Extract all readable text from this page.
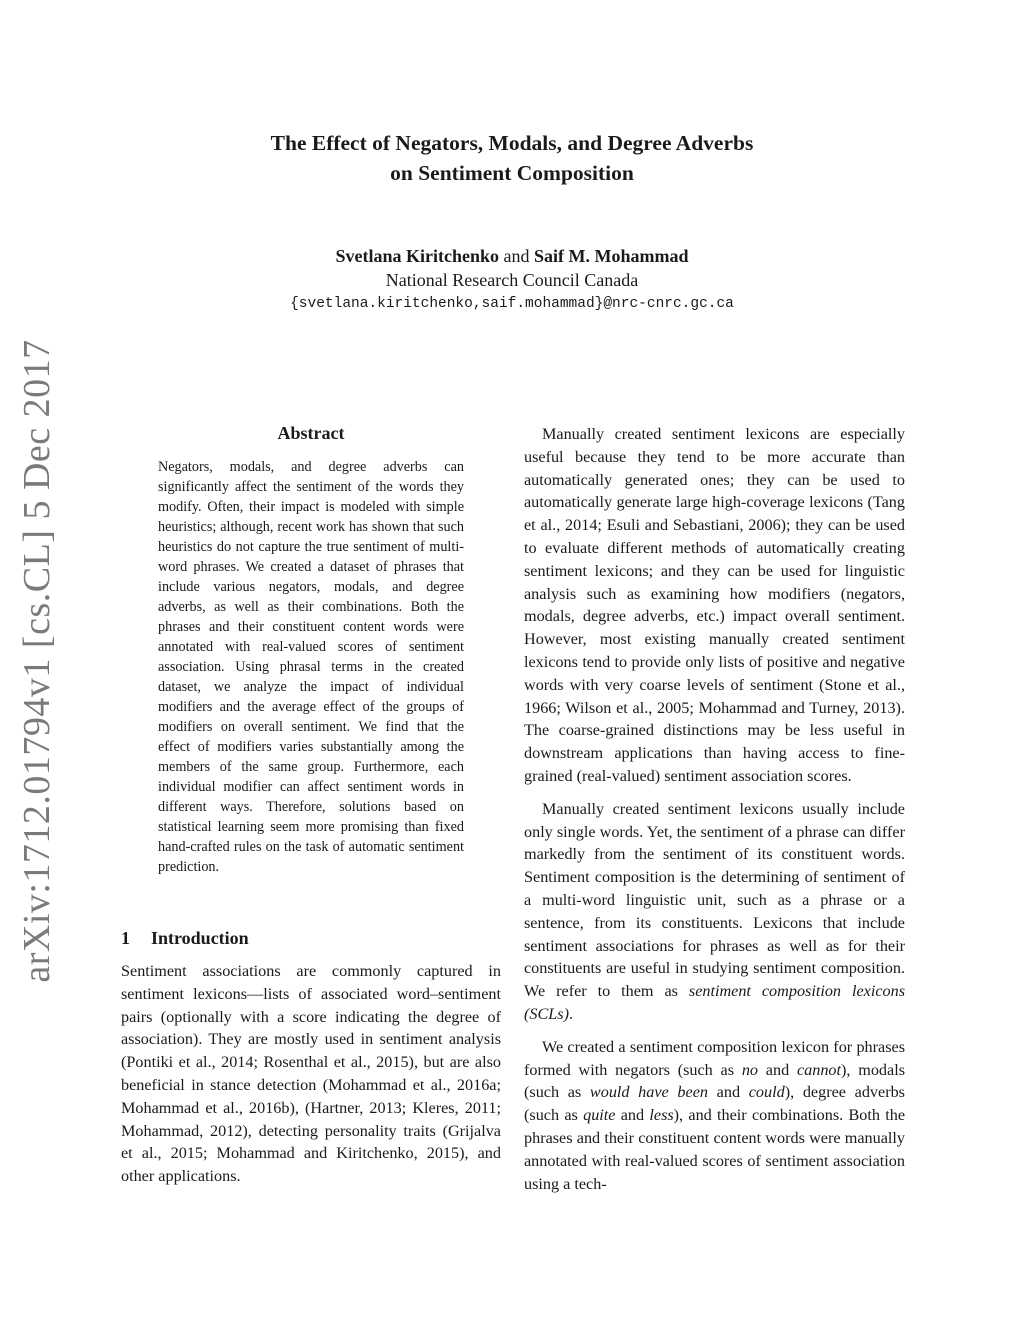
arXiv:1712.01794v1 [cs.CL] 5 Dec 2017
The Effect of Negators, Modals, and Degree Adverbs
on Sentiment Composition
Svetlana Kiritchenko and Saif M. Mohammad
National Research Council Canada
{svetlana.kiritchenko,saif.mohammad}@nrc-cnrc.gc.ca
Abstract
Negators, modals, and degree adverbs can significantly affect the sentiment of the words they modify. Often, their impact is modeled with simple heuristics; although, recent work has shown that such heuristics do not capture the true sentiment of multi-word phrases. We created a dataset of phrases that include various negators, modals, and degree adverbs, as well as their combinations. Both the phrases and their constituent content words were annotated with real-valued scores of sentiment association. Using phrasal terms in the created dataset, we analyze the impact of individual modifiers and the average effect of the groups of modifiers on overall sentiment. We find that the effect of modifiers varies substantially among the members of the same group. Furthermore, each individual modifier can affect sentiment words in different ways. Therefore, solutions based on statistical learning seem more promising than fixed hand-crafted rules on the task of automatic sentiment prediction.
1 Introduction

Sentiment associations are commonly captured in sentiment lexicons—lists of associated word–sentiment pairs (optionally with a score indicating the degree of association). They are mostly used in sentiment analysis (Pontiki et al., 2014; Rosenthal et al., 2015), but are also beneficial in stance detection (Mohammad et al., 2016a; Mohammad et al., 2016b), (Hartner, 2013; Kleres, 2011; Mohammad, 2012), detecting personality traits (Grijalva et al., 2015; Mohammad and Kiritchenko, 2015), and other applications.

Manually created sentiment lexicons are especially useful because they tend to be more accurate than automatically generated ones; they can be used to automatically generate large high-coverage lexicons (Tang et al., 2014; Esuli and Sebastiani, 2006); they can be used to evaluate different methods of automatically creating sentiment lexicons; and they can be used for linguistic analysis such as examining how modifiers (negators, modals, degree adverbs, etc.) impact overall sentiment. However, most existing manually created sentiment lexicons tend to provide only lists of positive and negative words with very coarse levels of sentiment (Stone et al., 1966; Wilson et al., 2005; Mohammad and Turney, 2013). The coarse-grained distinctions may be less useful in downstream applications than having access to fine-grained (real-valued) sentiment association scores.

Manually created sentiment lexicons usually include only single words. Yet, the sentiment of a phrase can differ markedly from the sentiment of its constituent words. Sentiment composition is the determining of sentiment of a multi-word linguistic unit, such as a phrase or a sentence, from its constituents. Lexicons that include sentiment associations for phrases as well as for their constituents are useful in studying sentiment composition. We refer to them as sentiment composition lexicons (SCLs).

We created a sentiment composition lexicon for phrases formed with negators (such as no and cannot), modals (such as would have been and could), degree adverbs (such as quite and less), and their combinations. Both the phrases and their constituent content words were manually annotated with real-valued scores of sentiment association using a tech-
